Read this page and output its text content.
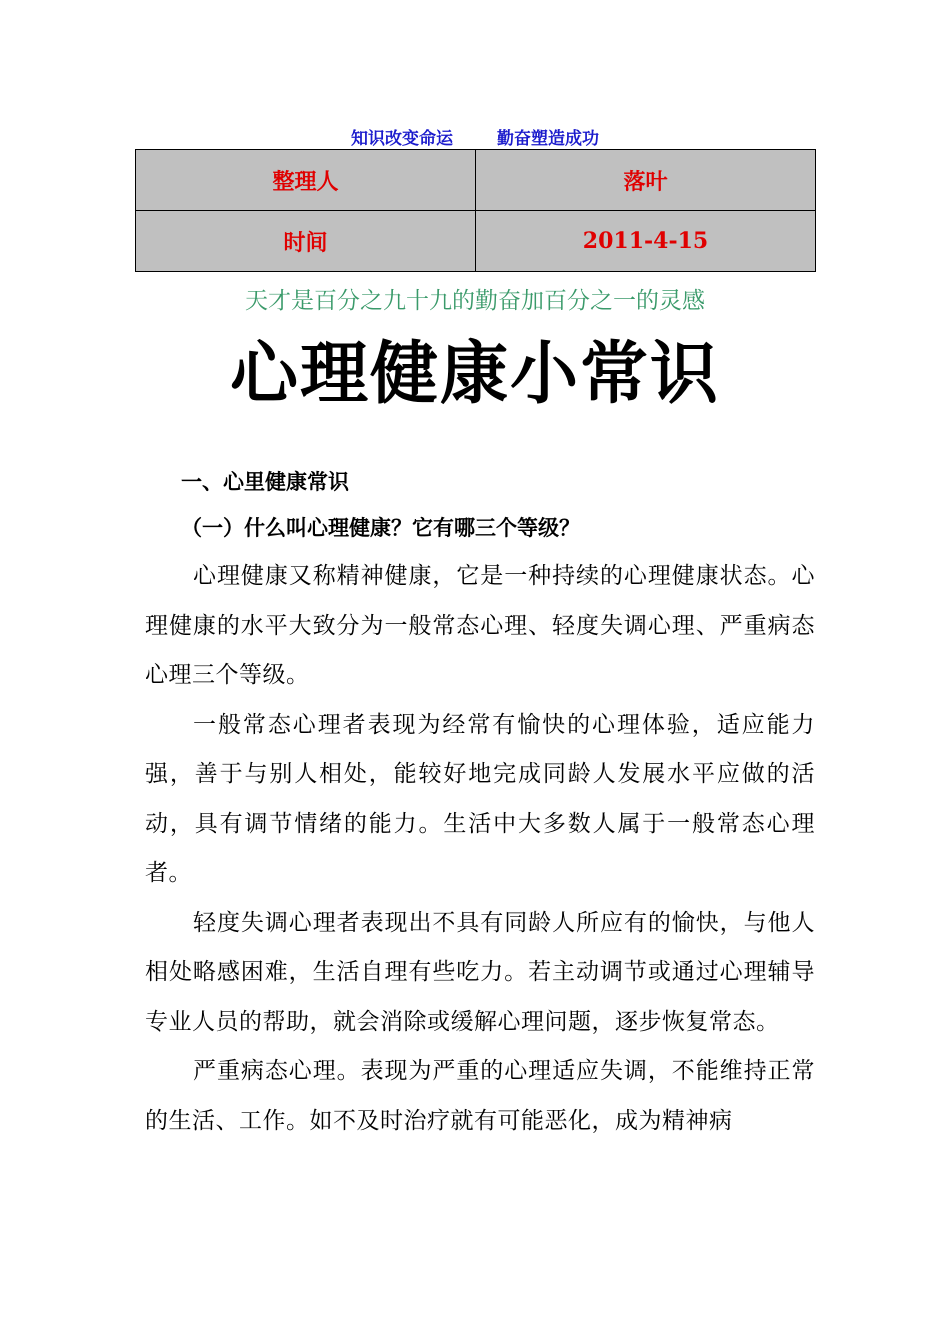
知识改变命运	勤奋塑造成功
整理人	落叶
时间	2011-4-15
天才是百分之九十九的勤奋加百分之一的灵感
心理健康小常识
一、心里健康常识
（一）什么叫心理健康？它有哪三个等级？

心理健康又称精神健康，它是一种持续的心理健康状态。心理健康的水平大致分为一般常态心理、轻度失调心理、严重病态心理三个等级。

一般常态心理者表现为经常有愉快的心理体验，适应能力强，善于与别人相处，能较好地完成同龄人发展水平应做的活动，具有调节情绪的能力。生活中大多数人属于一般常态心理者。

轻度失调心理者表现出不具有同龄人所应有的愉快，与他人相处略感困难，生活自理有些吃力。若主动调节或通过心理辅导专业人员的帮助，就会消除或缓解心理问题，逐步恢复常态。

严重病态心理。表现为严重的心理适应失调，不能维持正常的生活、工作。如不及时治疗就有可能恶化，成为精神病
